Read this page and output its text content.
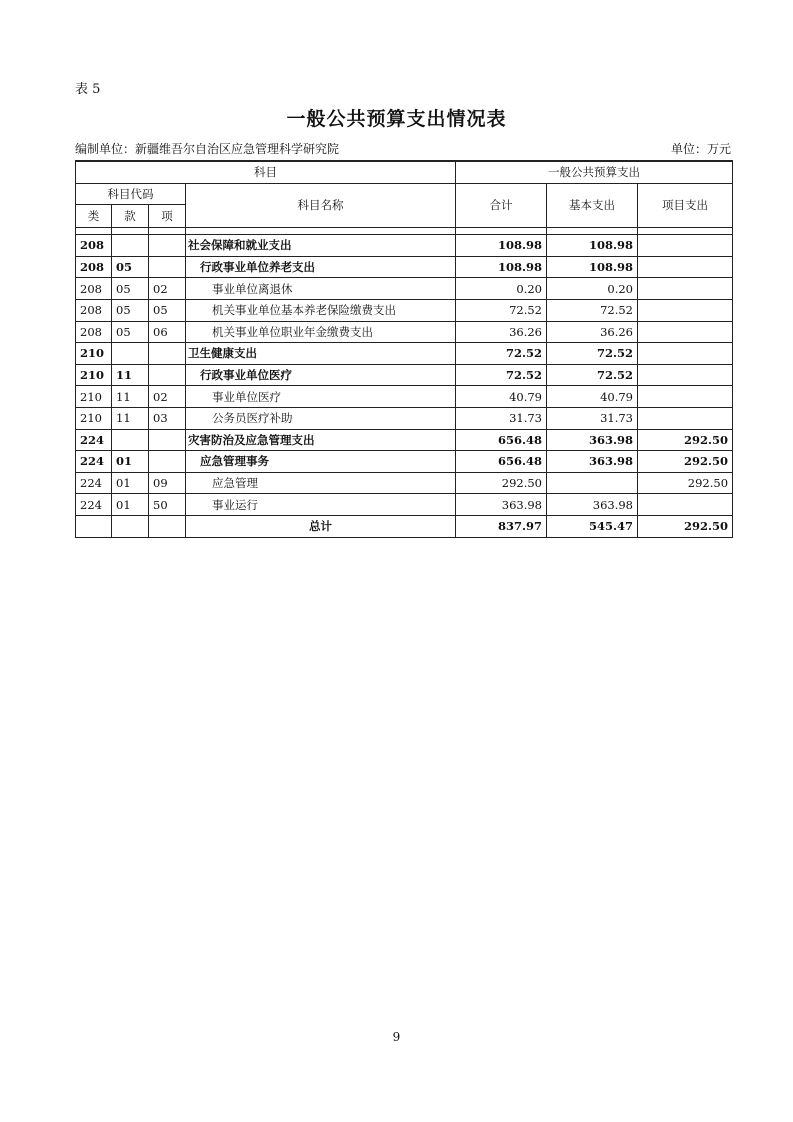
表 5
一般公共预算支出情况表
编制单位：新疆维吾尔自治区应急管理科学研究院	单位：万元
科目				一般公共预算支出		
科目代码			科目名称	合计	基本支出	项目支出
类	款	项				

208			社会保障和就业支出	108.98	108.98	
208	05		行政事业单位养老支出	108.98	108.98	
208	05	02	事业单位离退休	0.20	0.20	
208	05	05	机关事业单位基本养老保险缴费支出	72.52	72.52	
208	05	06	机关事业单位职业年金缴费支出	36.26	36.26	
210			卫生健康支出	72.52	72.52	
210	11		行政事业单位医疗	72.52	72.52	
210	11	02	事业单位医疗	40.79	40.79	
210	11	03	公务员医疗补助	31.73	31.73	
224			灾害防治及应急管理支出	656.48	363.98	292.50
224	01		应急管理事务	656.48	363.98	292.50
224	01	09	应急管理	292.50		292.50
224	01	50	事业运行	363.98	363.98	
			总计	837.97	545.47	292.50
9
